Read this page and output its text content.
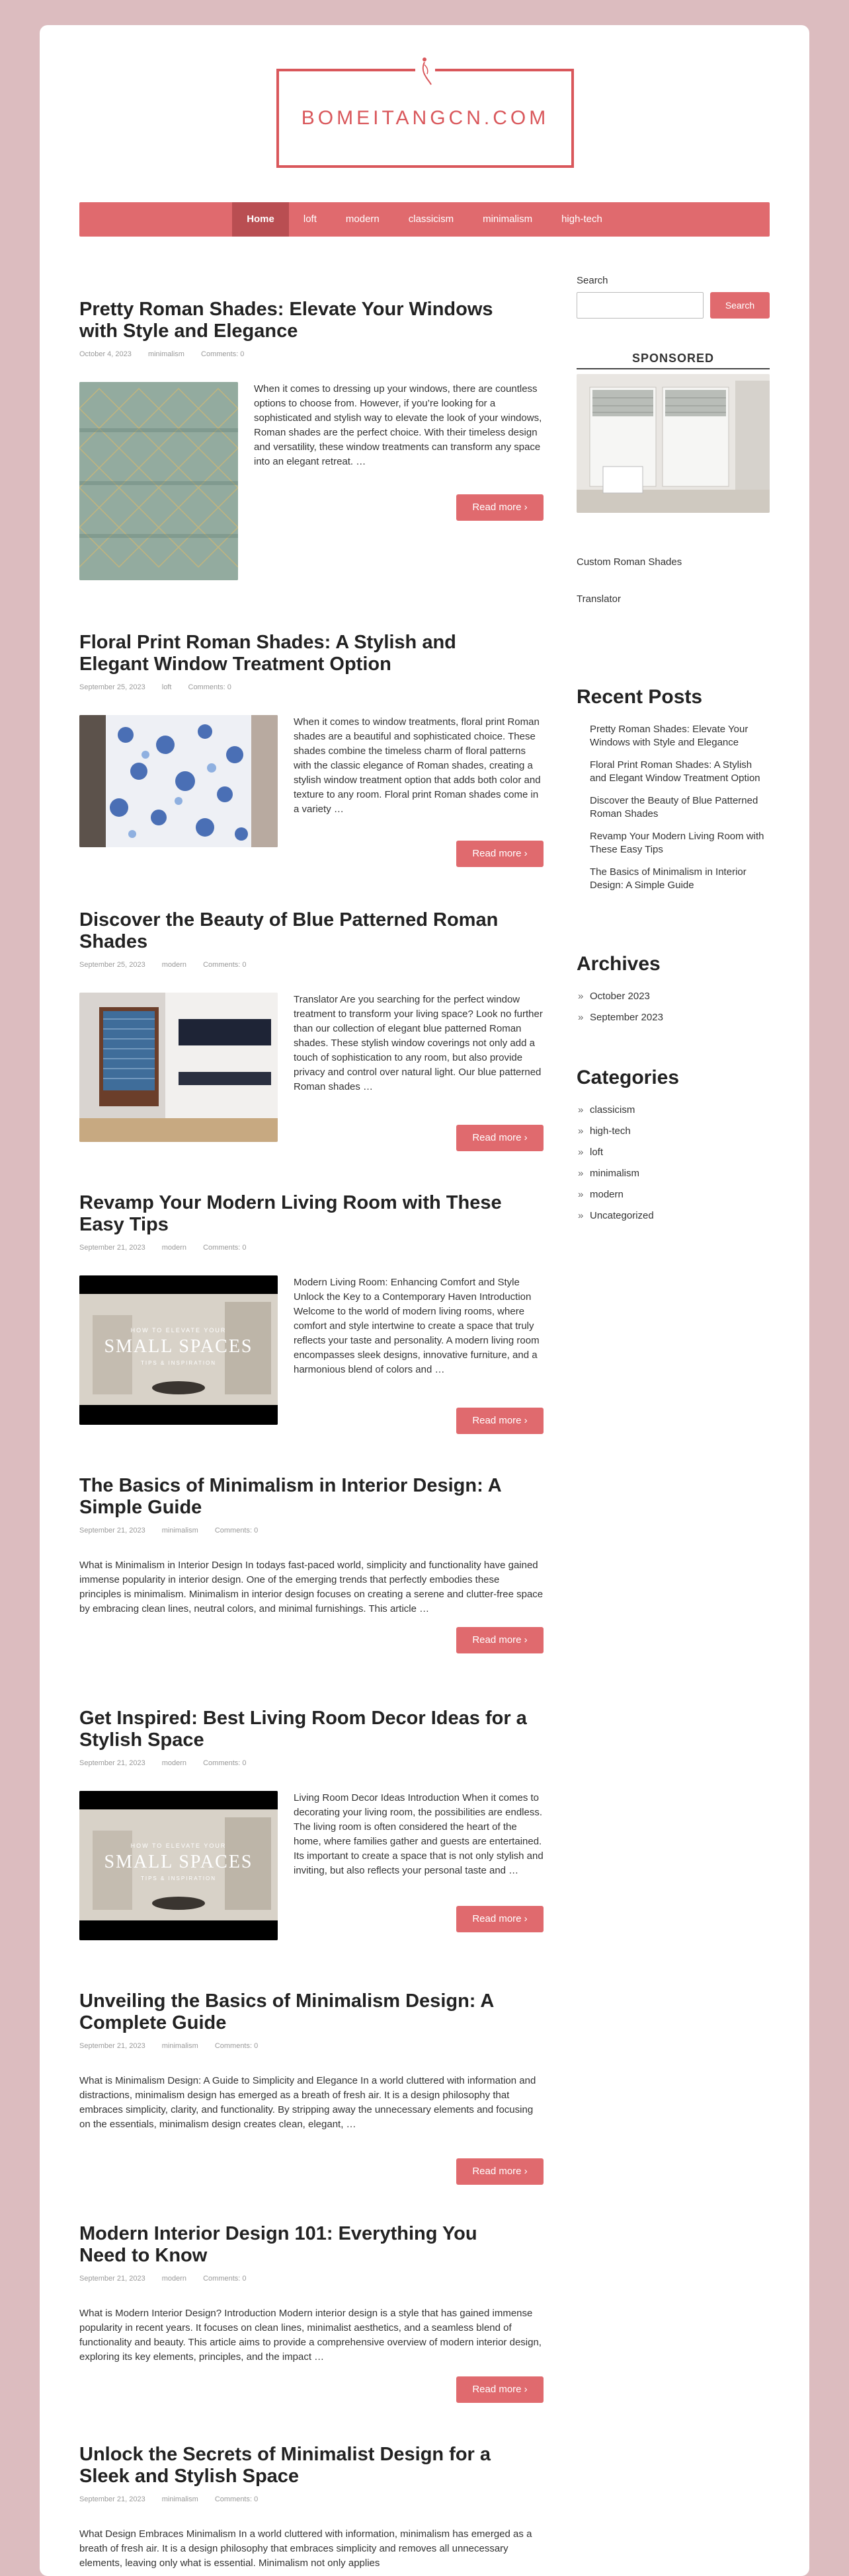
BOMEITANGCN.COM
Home	loft	modern	classicism	minimalism	high-tech
Pretty Roman Shades: Elevate Your Windows with Style and Elegance
October 4, 2023 minimalism Comments: 0
When it comes to dressing up your windows, there are countless options to choose from. However, if you’re looking for a sophisticated and stylish way to elevate the look of your windows, Roman shades are the perfect choice. With their timeless design and versatility, these window treatments can transform any space into an elegant retreat. …
Read more ›
Floral Print Roman Shades: A Stylish and Elegant Window Treatment Option
September 25, 2023 loft Comments: 0
When it comes to window treatments, floral print Roman shades are a beautiful and sophisticated choice. These shades combine the timeless charm of floral patterns with the classic elegance of Roman shades, creating a stylish window treatment option that adds both color and texture to any room. Floral print Roman shades come in a variety …
Read more ›
Discover the Beauty of Blue Patterned Roman Shades
September 25, 2023 modern Comments: 0
Translator Are you searching for the perfect window treatment to transform your living space? Look no further than our collection of elegant blue patterned Roman shades. These stylish window coverings not only add a touch of sophistication to any room, but also provide privacy and control over natural light. Our blue patterned Roman shades …
Read more ›
Revamp Your Modern Living Room with These Easy Tips
September 21, 2023 modern Comments: 0
HOW TO ELEVATE YOUR
SMALL SPACES
TIPS & INSPIRATION
Modern Living Room: Enhancing Comfort and Style Unlock the Key to a Contemporary Haven Introduction Welcome to the world of modern living rooms, where comfort and style intertwine to create a space that truly reflects your taste and personality. A modern living room encompasses sleek designs, innovative furniture, and a harmonious blend of colors and …
Read more ›
The Basics of Minimalism in Interior Design: A Simple Guide
September 21, 2023 minimalism Comments: 0
What is Minimalism in Interior Design In todays fast-paced world, simplicity and functionality have gained immense popularity in interior design. One of the emerging trends that perfectly embodies these principles is minimalism. Minimalism in interior design focuses on creating a serene and clutter-free space by embracing clean lines, neutral colors, and minimal furnishings. This article …
Read more ›
Get Inspired: Best Living Room Decor Ideas for a Stylish Space
September 21, 2023 modern Comments: 0
HOW TO ELEVATE YOUR
SMALL SPACES
TIPS & INSPIRATION
Living Room Decor Ideas Introduction When it comes to decorating your living room, the possibilities are endless. The living room is often considered the heart of the home, where families gather and guests are entertained. Its important to create a space that is not only stylish and inviting, but also reflects your personal taste and …
Read more ›
Unveiling the Basics of Minimalism Design: A Complete Guide
September 21, 2023 minimalism Comments: 0
What is Minimalism Design: A Guide to Simplicity and Elegance In a world cluttered with information and distractions, minimalism design has emerged as a breath of fresh air. It is a design philosophy that embraces simplicity, clarity, and functionality. By stripping away the unnecessary elements and focusing on the essentials, minimalism design creates clean, elegant, …
Read more ›
Modern Interior Design 101: Everything You Need to Know
September 21, 2023 modern Comments: 0
What is Modern Interior Design? Introduction Modern interior design is a style that has gained immense popularity in recent years. It focuses on clean lines, minimalist aesthetics, and a seamless blend of functionality and beauty. This article aims to provide a comprehensive overview of modern interior design, exploring its key elements, principles, and the impact …
Read more ›
Unlock the Secrets of Minimalist Design for a Sleek and Stylish Space
September 21, 2023 minimalism Comments: 0
What Design Embraces Minimalism In a world cluttered with information, minimalism has emerged as a breath of fresh air. It is a design philosophy that embraces simplicity and removes all unnecessary elements, leaving only what is essential. Minimalism not only applies
Search
Search
SPONSORED
Custom Roman Shades
Translator
Recent Posts
Pretty Roman Shades: Elevate Your Windows with Style and Elegance
Floral Print Roman Shades: A Stylish and Elegant Window Treatment Option
Discover the Beauty of Blue Patterned Roman Shades
Revamp Your Modern Living Room with These Easy Tips
The Basics of Minimalism in Interior Design: A Simple Guide
Archives
» October 2023
» September 2023
Categories
» classicism
» high-tech
» loft
» minimalism
» modern
» Uncategorized
